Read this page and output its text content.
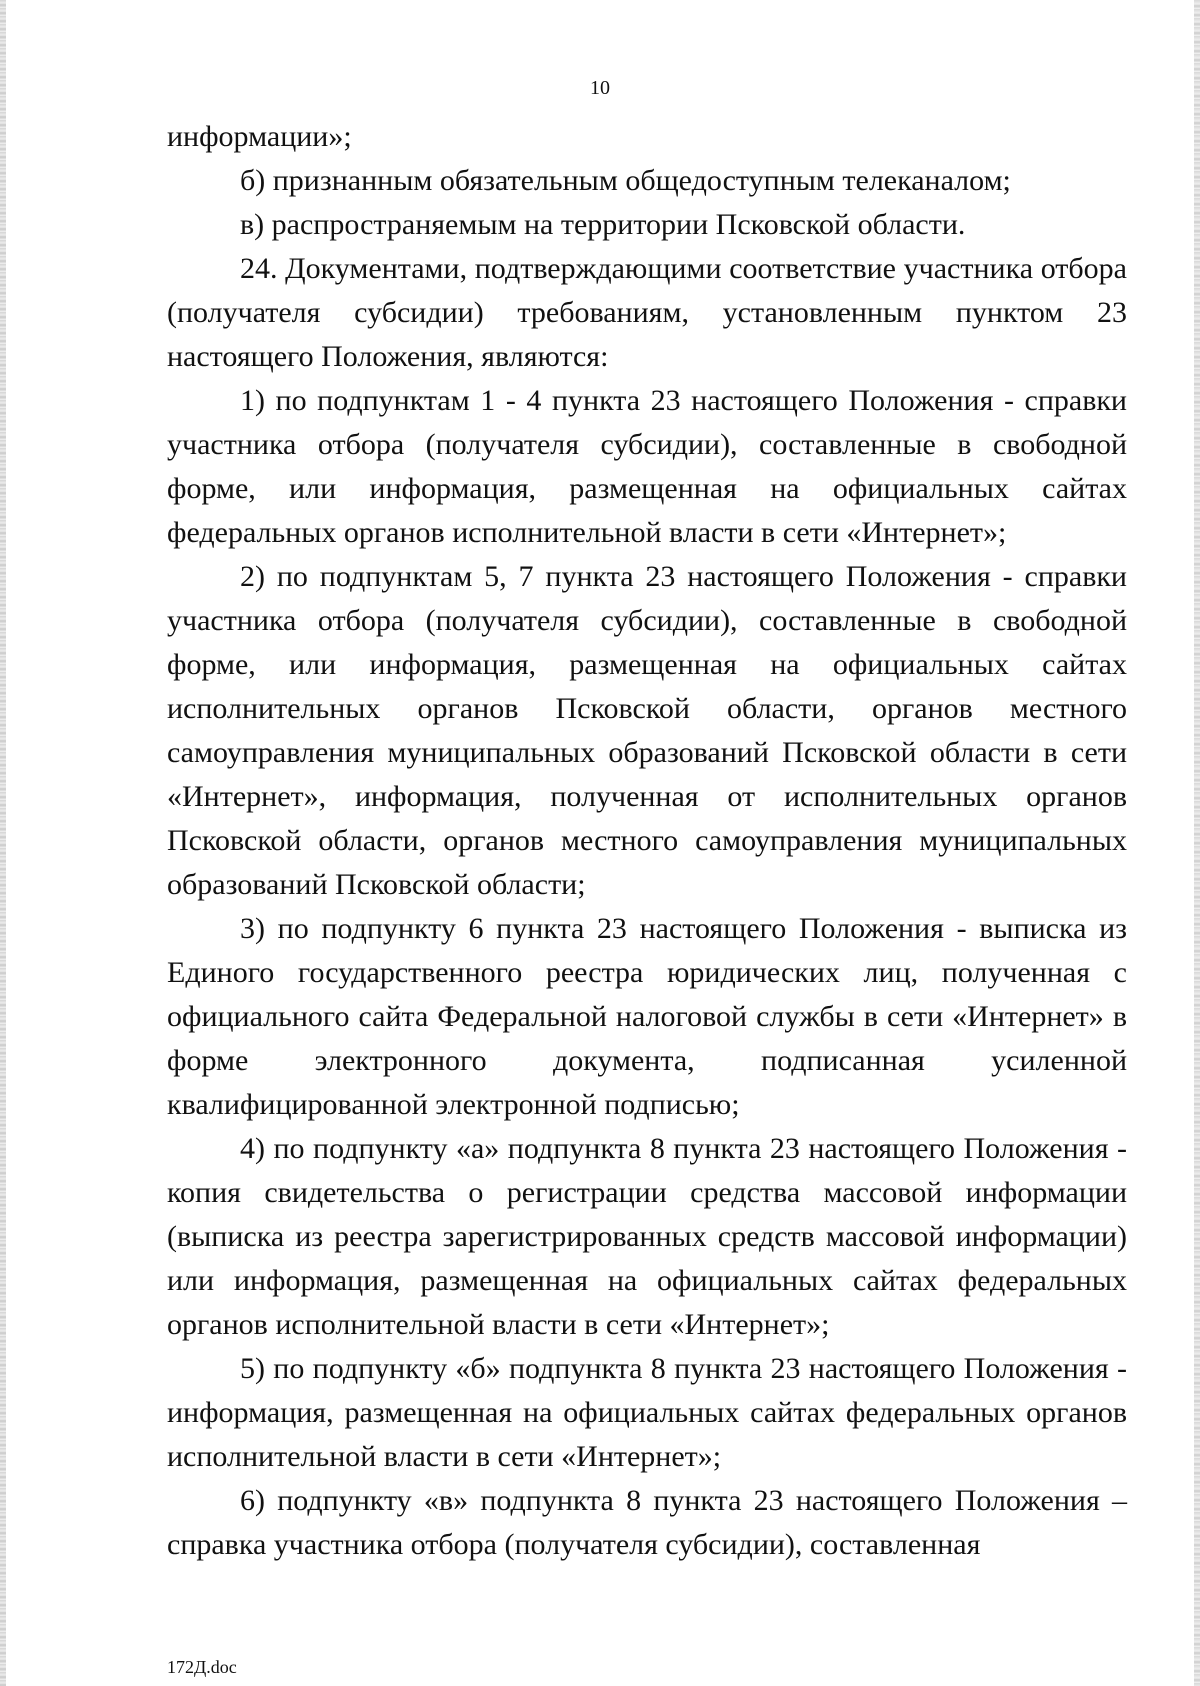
10

информации»;

б) признанным обязательным общедоступным телеканалом;

в) распространяемым на территории Псковской области.

24. Документами, подтверждающими соответствие участника отбора (получателя субсидии) требованиям, установленным пунктом 23 настоящего Положения, являются:

1) по подпунктам 1 - 4 пункта 23 настоящего Положения - справки участника отбора (получателя субсидии), составленные в свободной форме, или информация, размещенная на официальных сайтах федеральных органов исполнительной власти в сети «Интернет»;

2) по подпунктам 5, 7 пункта 23 настоящего Положения - справки участника отбора (получателя субсидии), составленные в свободной форме, или информация, размещенная на официальных сайтах исполнительных органов Псковской области, органов местного самоуправления муниципальных образований Псковской области в сети «Интернет», информация, полученная от исполнительных органов Псковской области, органов местного самоуправления муниципальных образований Псковской области;

3) по подпункту 6 пункта 23 настоящего Положения - выписка из Единого государственного реестра юридических лиц, полученная с официального сайта Федеральной налоговой службы в сети «Интернет» в форме электронного документа, подписанная усиленной квалифицированной электронной подписью;

4) по подпункту «а» подпункта 8 пункта 23 настоящего Положения - копия свидетельства о регистрации средства массовой информации (выписка из реестра зарегистрированных средств массовой информации) или информация, размещенная на официальных сайтах федеральных органов исполнительной власти в сети «Интернет»;

5) по подпункту «б» подпункта 8 пункта 23 настоящего Положения - информация, размещенная на официальных сайтах федеральных органов исполнительной власти в сети «Интернет»;

6) подпункту «в» подпункта 8 пункта 23 настоящего Положения – справка участника отбора (получателя субсидии), составленная

172Д.doc
